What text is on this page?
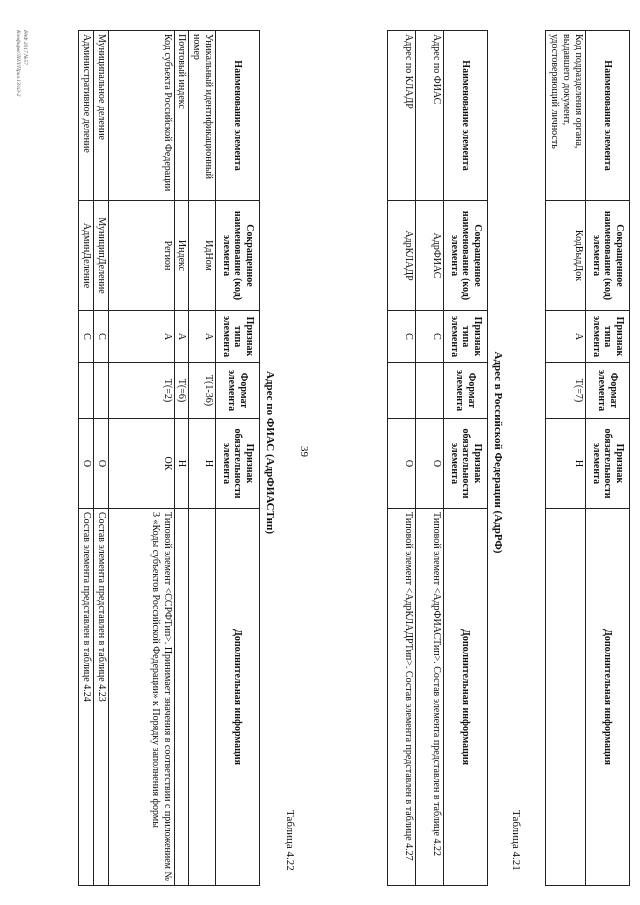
39
Наименование элемента	Сокращенное наименование (код) элемента	Признак типа элемента	Формат элемента	Признак обязательности элемента	Дополнительная информация
Код подразделения органа, выдавшего документ, удостоверяющий личность	КодВыдДок	А	Т(=7)	Н	
Таблица 4.21
Адрес в Российской Федерации (АдрРФ)
Наименование элемента	Сокращенное наименование (код) элемента	Признак типа элемента	Формат элемента	Признак обязательности элемента	Дополнительная информация
Адрес по ФИАС	АдрФИАС	С		О	Типовой элемент <АдрФИАСТип>. Состав элемента представлен в таблице 4.22
Адрес по КЛАДР	АдрКЛАДР	С		О	Типовой элемент <АдрКЛАДРТип>. Состав элемента представлен в таблице 4.27
Таблица 4.22
Адрес по ФИАС (АдрФИАСТип)
Наименование элемента	Сокращенное наименование (код) элемента	Признак типа элемента	Формат элемента	Признак обязательности элемента	Дополнительная информация
Уникальный идентификационный номер	ИдНом	А	Т(1-36)	Н	
Почтовый индекс	Индекс	А	Т(=6)	Н	
Код субъекта Российской Федерации	Регион	А	Т(=2)	ОК	Типовой элемент <ССРФТип>. Принимает значения в соответствии с приложением № 3 «Коды субъектов Российской Федерации» к Порядку заполнения формы
Муниципальное деление	МуниципДеление	С		О	Состав элемента представлен в таблице 4.23
Административное деление	АдминДеление	С		О	Состав элемента представлен в таблице 4.24
РАФ 2017 №57
Конфирм/ЛНЛ/Прил.13/а3-2
